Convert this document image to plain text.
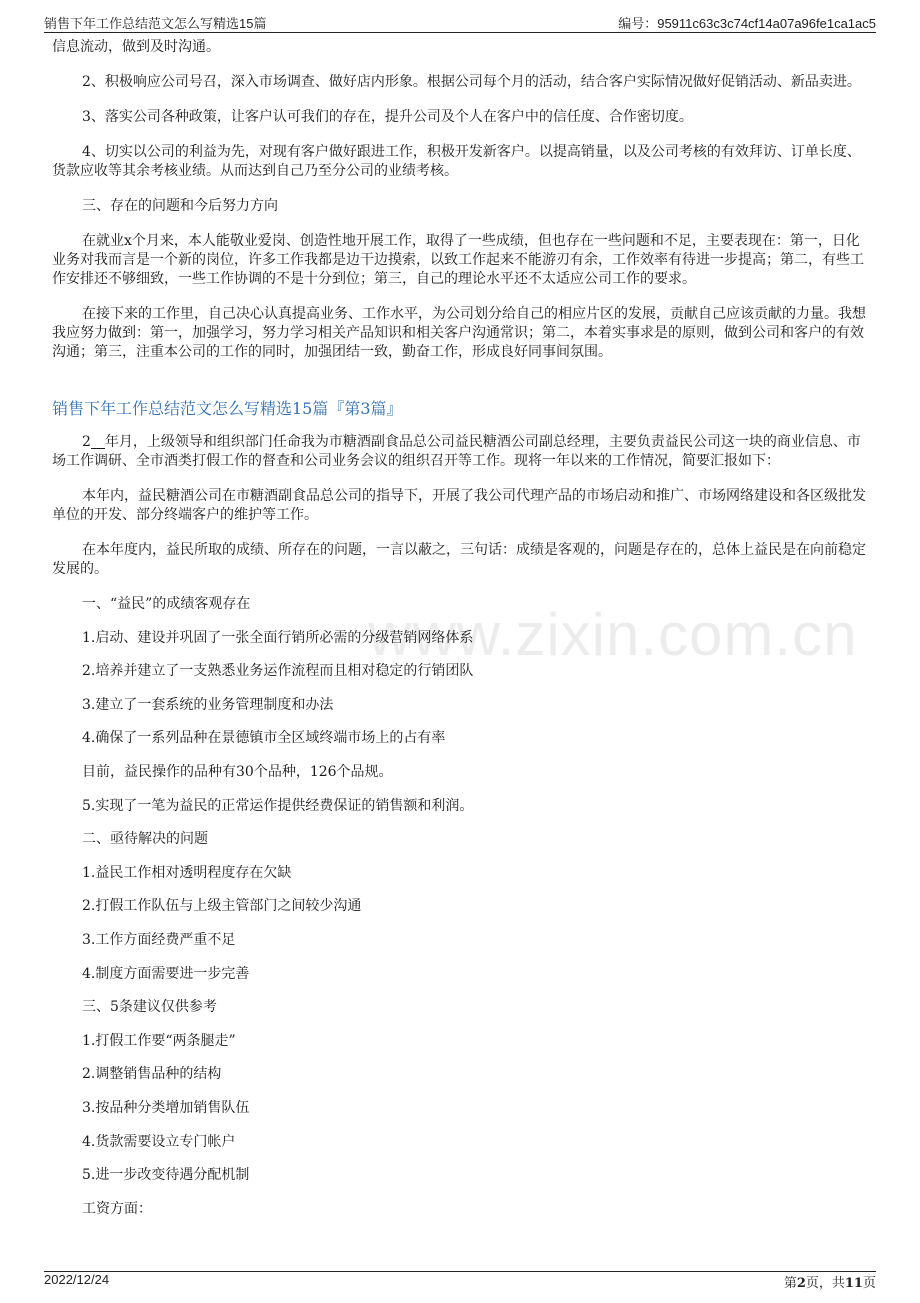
销售下年工作总结范文怎么写精选15篇	编号：95911c63c3c74cf14a07a96fe1ca1ac5

信息流动，做到及时沟通。

2、积极响应公司号召，深入市场调查、做好店内形象。根据公司每个月的活动，结合客户实际情况做好促销活动、新品卖进。

3、落实公司各种政策，让客户认可我们的存在，提升公司及个人在客户中的信任度、合作密切度。

4、切实以公司的利益为先，对现有客户做好跟进工作，积极开发新客户。以提高销量，以及公司考核的有效拜访、订单长度、货款应收等其余考核业绩。从而达到自己乃至分公司的业绩考核。

三、存在的问题和今后努力方向

在就业x个月来，本人能敬业爱岗、创造性地开展工作，取得了一些成绩，但也存在一些问题和不足，主要表现在：第一，日化业务对我而言是一个新的岗位，许多工作我都是边干边摸索，以致工作起来不能游刃有余，工作效率有待进一步提高；第二，有些工作安排还不够细致，一些工作协调的不是十分到位；第三，自己的理论水平还不太适应公司工作的要求。

在接下来的工作里，自己决心认真提高业务、工作水平，为公司划分给自己的相应片区的发展，贡献自己应该贡献的力量。我想我应努力做到：第一，加强学习，努力学习相关产品知识和相关客户沟通常识；第二，本着实事求是的原则，做到公司和客户的有效沟通；第三，注重本公司的工作的同时，加强团结一致，勤奋工作，形成良好同事间氛围。

销售下年工作总结范文怎么写精选15篇『第3篇』

2 年月，上级领导和组织部门任命我为市糖酒副食品总公司益民糖酒公司副总经理，主要负责益民公司这一块的商业信息、市场工作调研、全市酒类打假工作的督查和公司业务会议的组织召开等工作。现将一年以来的工作情况，简要汇报如下：

本年内，益民糖酒公司在市糖酒副食品总公司的指导下，开展了我公司代理产品的市场启动和推广、市场网络建设和各区级批发单位的开发、部分终端客户的维护等工作。

在本年度内，益民所取的成绩、所存在的问题，一言以蔽之，三句话：成绩是客观的，问题是存在的，总体上益民是在向前稳定发展的。

一、“益民”的成绩客观存在

1.启动、建设并巩固了一张全面行销所必需的分级营销网络体系

2.培养并建立了一支熟悉业务运作流程而且相对稳定的行销团队

3.建立了一套系统的业务管理制度和办法

4.确保了一系列品种在景德镇市全区域终端市场上的占有率

目前，益民操作的品种有30个品种，126个品规。

5.实现了一笔为益民的正常运作提供经费保证的销售额和利润。

二、亟待解决的问题

1.益民工作相对透明程度存在欠缺

2.打假工作队伍与上级主管部门之间较少沟通

3.工作方面经费严重不足

4.制度方面需要进一步完善

三、5条建议仅供参考

1.打假工作要“两条腿走”

2.调整销售品种的结构

3.按品种分类增加销售队伍

4.货款需要设立专门帐户

5.进一步改变待遇分配机制

工资方面：

www.zixin.com.cn
2022/12/24	第2页，共11页
